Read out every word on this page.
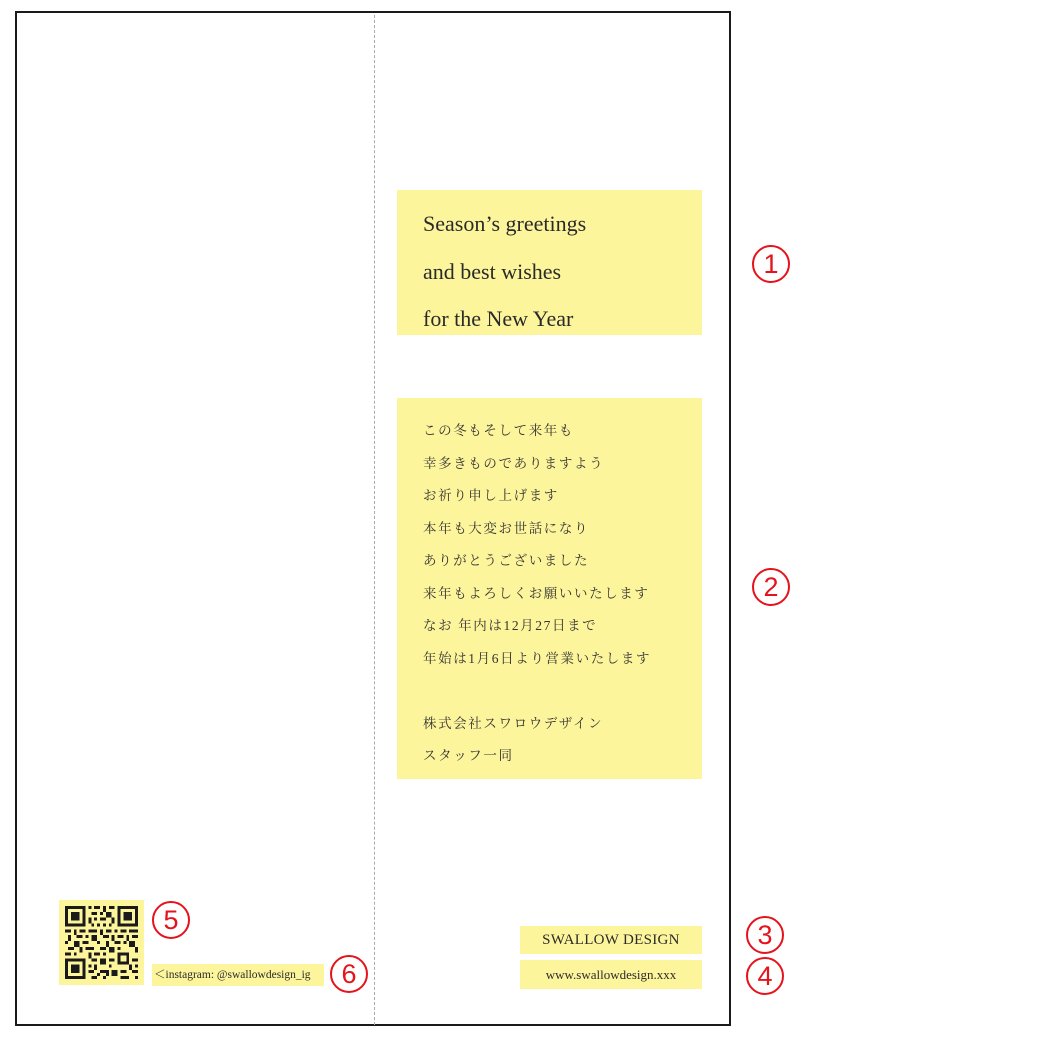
Season’s greetings
and best wishes
for the New Year
この冬もそして来年も
幸多きものでありますよう
お祈り申し上げます
本年も大変お世話になり
ありがとうございました
来年もよろしくお願いいたします
なお 年内は12月27日まで
年始は1月6日より営業いたします
株式会社スワロウデザイン
スタッフ一同
SWALLOW DESIGN
www.swallowdesign.xxx
＜instagram: @swallowdesign_ig
1
2
3
4
5
6
